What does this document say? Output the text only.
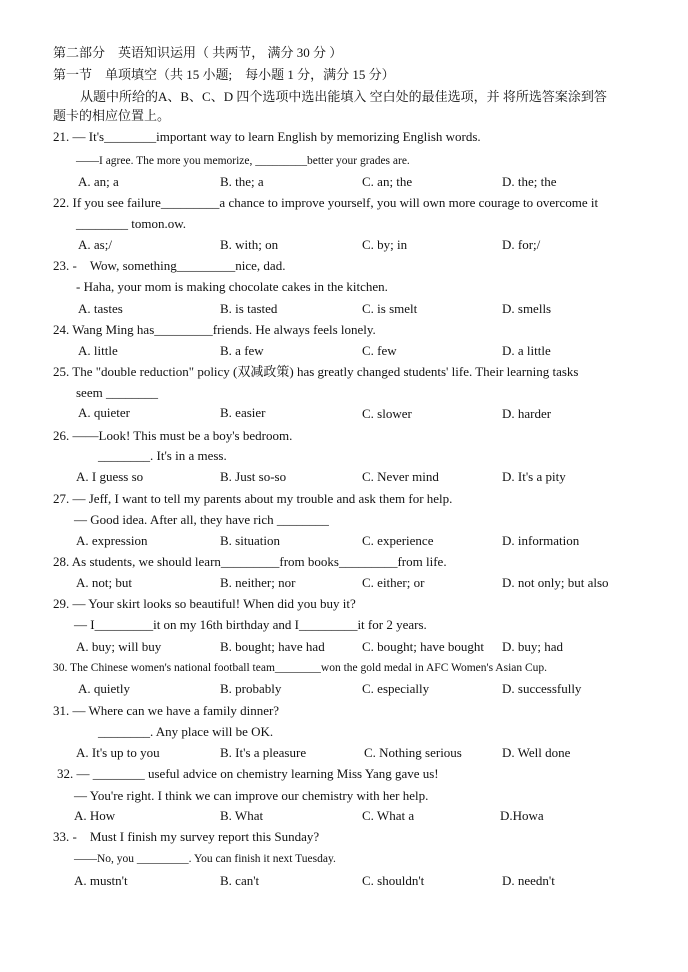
第二部分　英语知识运用（ 共两节， 满分 30 分 ）
第一节　单项填空（共 15 小题;　每小题 1 分，满分 15 分）
从题中所给的A、B、C、D 四个选项中选出能填入 空白处的最佳选项，并 将所选答案涂到答
题卡的相应位置上。
21. — It's________important way to learn English by memorizing English words.
——I agree. The more you memorize, _________better your grades are.
A. an; a	B. the; a	C. an; the	D. the; the
22. If you see failure_________a chance to improve yourself, you will own more courage to overcome it
________ tomon.ow.
A. as;/	B. with; on	C. by; in	D. for;/
23. -　Wow, something_________nice, dad.
- Haha, your mom is making chocolate cakes in the kitchen.
A. tastes	B. is tasted	C. is smelt	D. smells
24. Wang Ming has_________friends. He always feels lonely.
A. little	B. a few	C. few	D. a little
25. The "double reduction" policy (双减政策) has greatly changed students' life. Their learning tasks
seem ________
A. quieter	B. easier	C. slower	D. harder
26. ——Look! This must be a boy's bedroom.
________. It's in a mess.
A. I guess so	B. Just so-so	C. Never mind	D. It's a pity
27. — Jeff, I want to tell my parents about my trouble and ask them for help.
— Good idea. After all, they have rich ________
A. expression	B. situation	C. experience	D. information
28. As students, we should learn_________from books_________from life.
A. not; but	B. neither; nor	C. either; or	D. not only; but also
29. — Your skirt looks so beautiful! When did you buy it?
— I_________it on my 16th birthday and I_________it for 2 years.
A. buy; will buy	B. bought; have had	C. bought; have bought D. buy; had
30. The Chinese women's national football team________won the gold medal in AFC Women's Asian Cup.
A. quietly	B. probably	C. especially	D. successfully
31. — Where can we have a family dinner?
________. Any place will be OK.
A. It's up to you	B. It's a pleasure	C. Nothing serious	D. Well done
32. — ________ useful advice on chemistry learning Miss Yang gave us!
— You're right. I think we can improve our chemistry with her help.
A. How	B. What	C. What a	D.Howa
33. -　Must I finish my survey report this Sunday?
——No, you _________. You can finish it next Tuesday.
A. mustn't	B. can't	C. shouldn't	D. needn't
